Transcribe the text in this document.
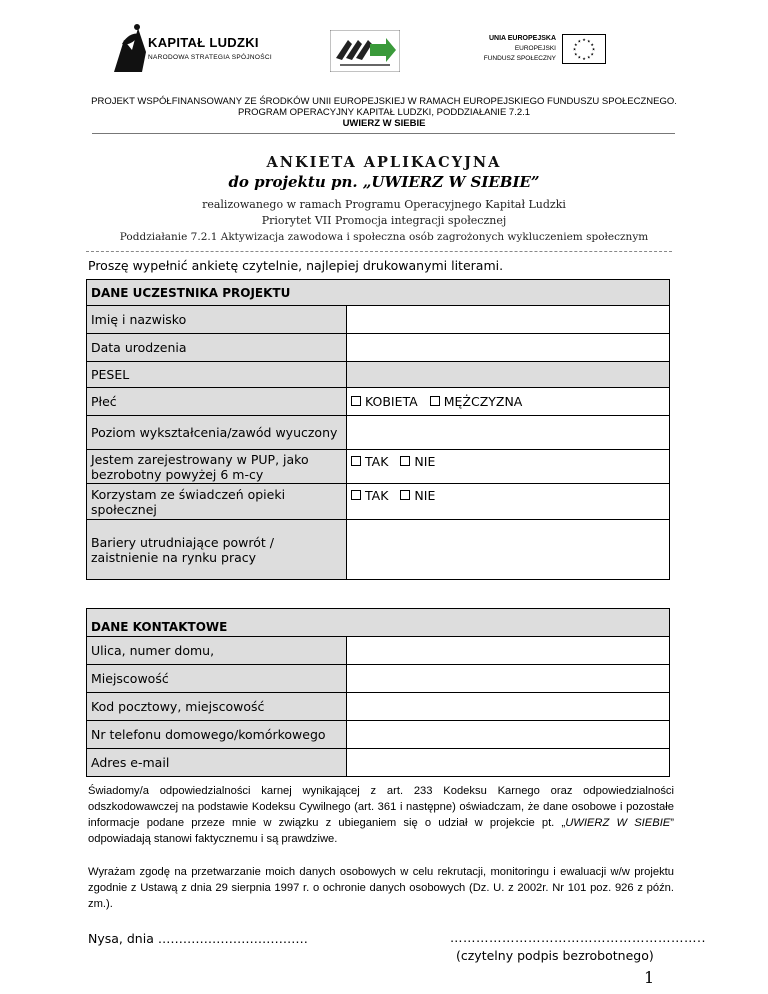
KAPITAŁ LUDZKI
NARODOWA STRATEGIA SPÓJNOŚCI
UNIA EUROPEJSKA
EUROPEJSKI
FUNDUSZ SPOŁECZNY
★
★
★
★
★
★
★
★
★ ★ ★
★
PROJEKT WSPÓŁFINANSOWANY ZE ŚRODKÓW UNII EUROPEJSKIEJ W RAMACH EUROPEJSKIEGO FUNDUSZU SPOŁECZNEGO.
PROGRAM OPERACYJNY KAPITAŁ LUDZKI, PODDZIAŁANIE 7.2.1
UWIERZ W SIEBIE
ANKIETA APLIKACYJNA
do projektu pn. „UWIERZ W SIEBIE”
realizowanego w ramach Programu Operacyjnego Kapitał Ludzki
Priorytet VII Promocja integracji społecznej
Poddziałanie 7.2.1 Aktywizacja zawodowa i społeczna osób zagrożonych wykluczeniem społecznym
Proszę wypełnić ankietę czytelnie, najlepiej drukowanymi literami.
DANE UCZESTNIKA PROJEKTU	
Imię i nazwisko	
Data urodzenia	
PESEL	
Płeć	KOBIETA MĘŻCZYZNA
Poziom wykształcenia/zawód wyuczony	
Jestem zarejestrowany w PUP, jako bezrobotny powyżej 6 m-cy	TAK NIE
Korzystam ze świadczeń opieki społecznej	TAK NIE
Bariery utrudniające powrót / zaistnienie na rynku pracy	
DANE KONTAKTOWE	
Ulica, numer domu,	
Miejscowość	
Kod pocztowy, miejscowość	
Nr telefonu domowego/komórkowego	
Adres e-mail	
Świadomy/a odpowiedzialności karnej wynikającej z art. 233 Kodeksu Karnego oraz odpowiedzialności odszkodowawczej na podstawie Kodeksu Cywilnego (art. 361 i następne) oświadczam, że dane osobowe i pozostałe informacje podane przeze mnie w związku z ubieganiem się o udział w projekcie pt. „UWIERZ W SIEBIE” odpowiadają stanowi faktycznemu i są prawdziwe.
Wyrażam zgodę na przetwarzanie moich danych osobowych w celu rekrutacji, monitoringu i ewaluacji w/w projektu zgodnie z Ustawą z dnia 29 sierpnia 1997 r. o ochronie danych osobowych (Dz. U. z 2002r. Nr 101 poz. 926 z późn. zm.).
Nysa, dnia ………………………………	…………………………………………………..
(czytelny podpis bezrobotnego)
1
